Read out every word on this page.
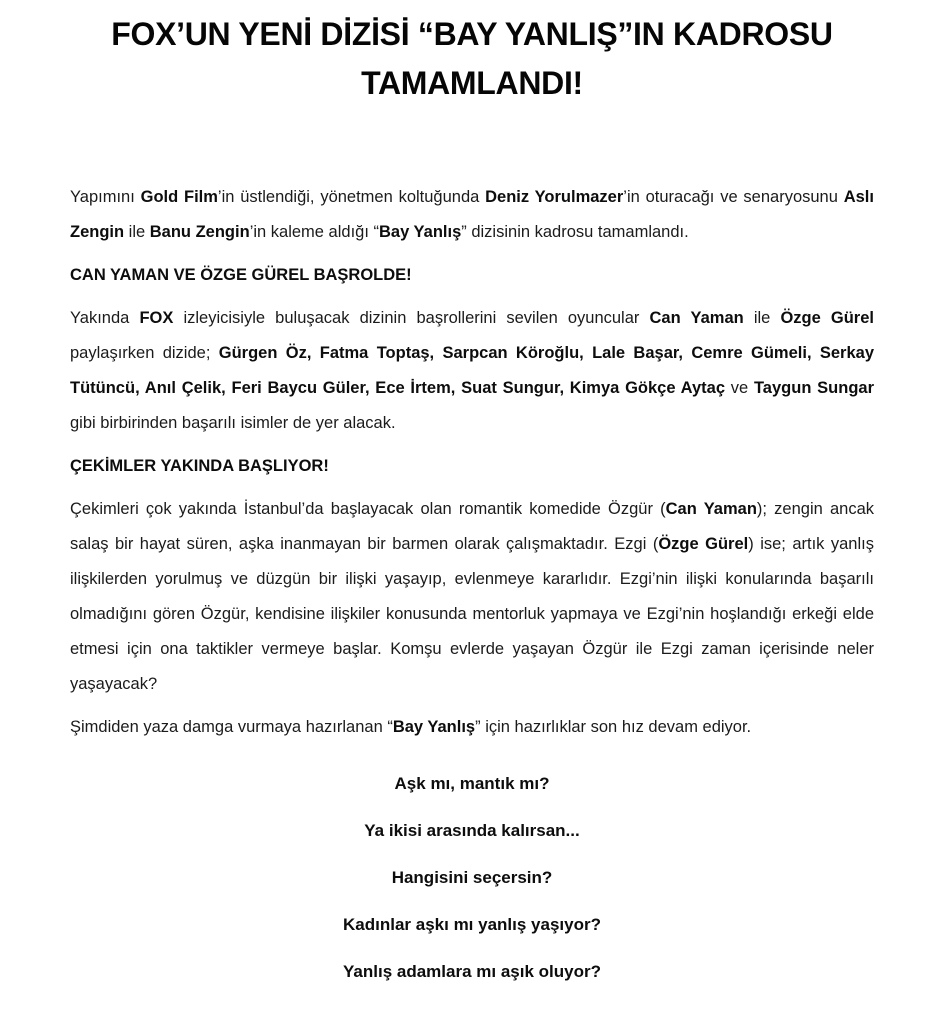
FOX’UN YENİ DİZİSİ “BAY YANLIŞ”IN KADROSU
TAMAMLANDI!

Yapımını Gold Film’in üstlendiği, yönetmen koltuğunda Deniz Yorulmazer’in oturacağı ve senaryosunu Aslı Zengin ile Banu Zengin’in kaleme aldığı “Bay Yanlış” dizisinin kadrosu tamamlandı.

CAN YAMAN VE ÖZGE GÜREL BAŞROLDE!

Yakında FOX izleyicisiyle buluşacak dizinin başrollerini sevilen oyuncular Can Yaman ile Özge Gürel paylaşırken dizide; Gürgen Öz, Fatma Toptaş, Sarpcan Köroğlu, Lale Başar, Cemre Gümeli, Serkay Tütüncü, Anıl Çelik, Feri Baycu Güler, Ece İrtem, Suat Sungur, Kimya Gökçe Aytaç ve Taygun Sungar gibi birbirinden başarılı isimler de yer alacak.

ÇEKİMLER YAKINDA BAŞLIYOR!

Çekimleri çok yakında İstanbul’da başlayacak olan romantik komedide Özgür (Can Yaman); zengin ancak salaş bir hayat süren, aşka inanmayan bir barmen olarak çalışmaktadır. Ezgi (Özge Gürel) ise; artık yanlış ilişkilerden yorulmuş ve düzgün bir ilişki yaşayıp, evlenmeye kararlıdır. Ezgi’nin ilişki konularında başarılı olmadığını gören Özgür, kendisine ilişkiler konusunda mentorluk yapmaya ve Ezgi’nin hoşlandığı erkeği elde etmesi için ona taktikler vermeye başlar. Komşu evlerde yaşayan Özgür ile Ezgi zaman içerisinde neler yaşayacak?

Şimdiden yaza damga vurmaya hazırlanan “Bay Yanlış” için hazırlıklar son hız devam ediyor.

Aşk mı, mantık mı?

Ya ikisi arasında kalırsan...

Hangisini seçersin?

Kadınlar aşkı mı yanlış yaşıyor?

Yanlış adamlara mı aşık oluyor?
